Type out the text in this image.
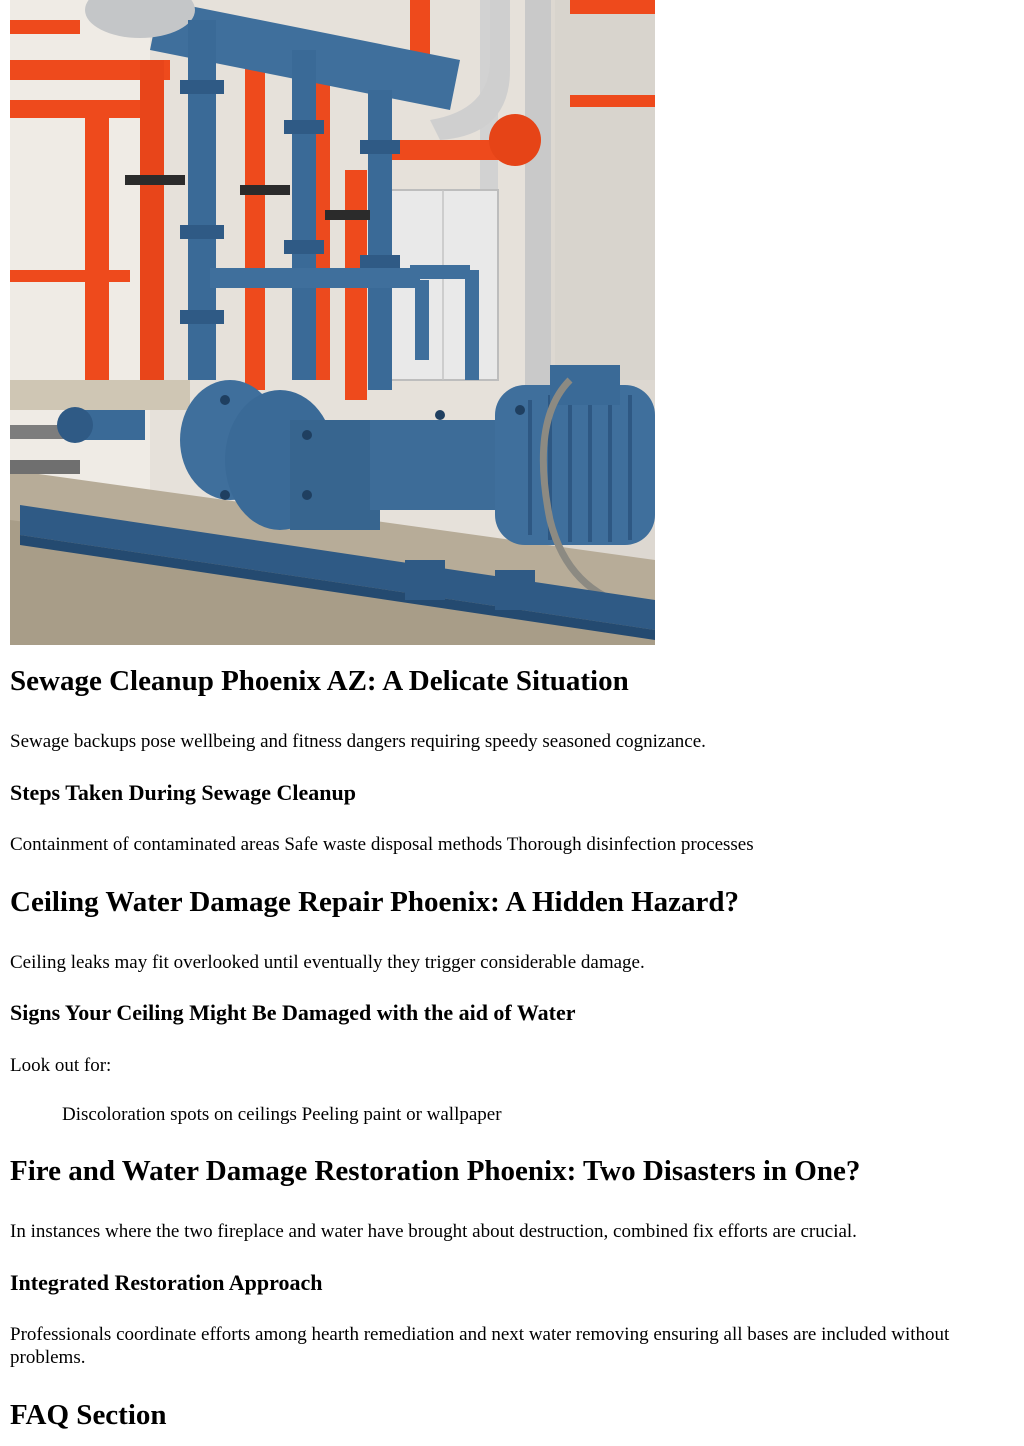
Sewage Cleanup Phoenix AZ: A Delicate Situation

Sewage backups pose wellbeing and fitness dangers requiring speedy seasoned cognizance.

Steps Taken During Sewage Cleanup

Containment of contaminated areas Safe waste disposal methods Thorough disinfection processes

Ceiling Water Damage Repair Phoenix: A Hidden Hazard?

Ceiling leaks may fit overlooked until eventually they trigger considerable damage.

Signs Your Ceiling Might Be Damaged with the aid of Water

Look out for:

Discoloration spots on ceilings Peeling paint or wallpaper

Fire and Water Damage Restoration Phoenix: Two Disasters in One?

In instances where the two fireplace and water have brought about destruction, combined fix efforts are crucial.

Integrated Restoration Approach

Professionals coordinate efforts among hearth remediation and next water removing ensuring all bases are included without problems.

FAQ Section
